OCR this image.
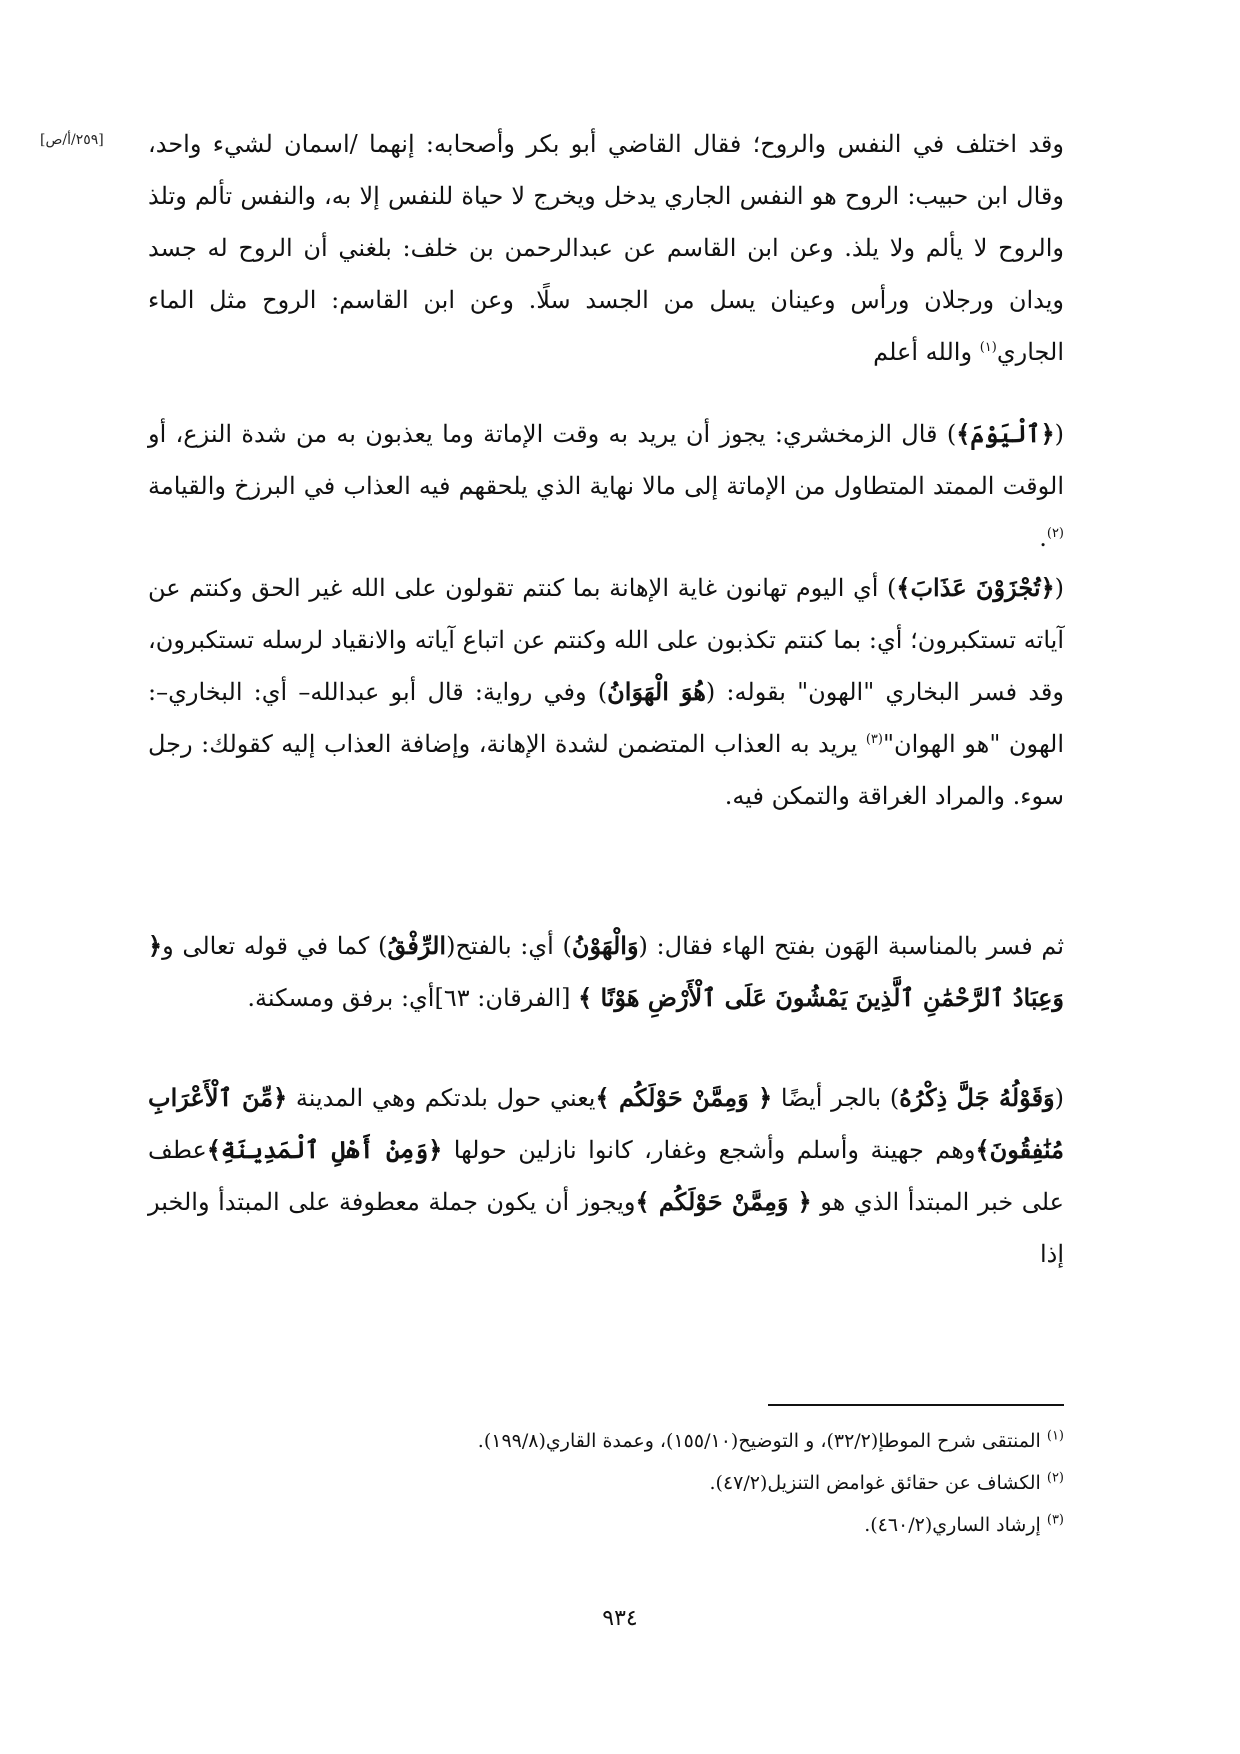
[٢٥٩/أ/ص]	وقد اختلف في النفس والروح؛ فقال القاضي أبو بكر وأصحابه: إنهما /اسمان لشيء واحد، وقال ابن حبيب: الروح هو النفس الجاري يدخل ويخرج لا حياة للنفس إلا به، والنفس تألم وتلذ والروح لا يألم ولا يلذ. وعن ابن القاسم عن عبدالرحمن بن خلف: بلغني أن الروح له جسد ويدان ورجلان ورأس وعينان يسل من الجسد سلًا. وعن ابن القاسم: الروح مثل الماء الجاري$^{(١)}$ والله أعلم

(﴿ٱلْيَوْمَ﴾) قال الزمخشري: يجوز أن يريد به وقت الإماتة وما يعذبون به من شدة النزع، أو الوقت الممتد المتطاول من الإماتة إلى مالا نهاية الذي يلحقهم فيه العذاب في البرزخ والقيامة $^{(٢)}$.

(﴿تُجْزَوْنَ عَذَابَ﴾) أي اليوم تهانون غاية الإهانة بما كنتم تقولون على الله غير الحق وكنتم عن آياته تستكبرون؛ أي: بما كنتم تكذبون على الله وكنتم عن اتباع آياته والانقياد لرسله تستكبرون، وقد فسر البخاري "الهون" بقوله: (هُوَ الْهَوَانُ) وفي رواية: قال أبو عبدالله– أي: البخاري–: الهون "هو الهوان"$^{(٣)}$ يريد به العذاب المتضمن لشدة الإهانة، وإضافة العذاب إليه كقولك: رجل سوء. والمراد الغراقة والتمكن فيه.

ثم فسر بالمناسبة الهَون بفتح الهاء فقال: (وَالْهَوْنُ) أي: بالفتح(الرِّفْقُ) كما في قوله تعالى و﴿ وَعِبَادُ ٱلرَّحْمَٰنِ ٱلَّذِينَ يَمْشُونَ عَلَى ٱلْأَرْضِ هَوْنًا ﴾ [الفرقان: ٦٣]أي: برفق ومسكنة.

(وَقَوْلُهُ جَلَّ ذِكْرُهُ) بالجر أيضًا ﴿ وَمِمَّنْ حَوْلَكُم ﴾يعني حول بلدتكم وهي المدينة ﴿مِّنَ ٱلْأَعْرَابِ مُنَٰفِقُونَ﴾وهم جهينة وأسلم وأشجع وغفار، كانوا نازلين حولها ﴿وَمِنْ أَهْلِ ٱلْمَدِينَةِ﴾عطف على خبر المبتدأ الذي هو ﴿ وَمِمَّنْ حَوْلَكُم ﴾ويجوز أن يكون جملة معطوفة على المبتدأ والخبر إذا

$^{(١)}$ المنتقى شرح الموطإ(٣٢/٢)، و التوضيح(١٥٥/١٠)، وعمدة القاري(١٩٩/٨).

$^{(٢)}$ الكشاف عن حقائق غوامض التنزيل(٤٧/٢).

$^{(٣)}$ إرشاد الساري(٤٦٠/٢).

٩٣٤
